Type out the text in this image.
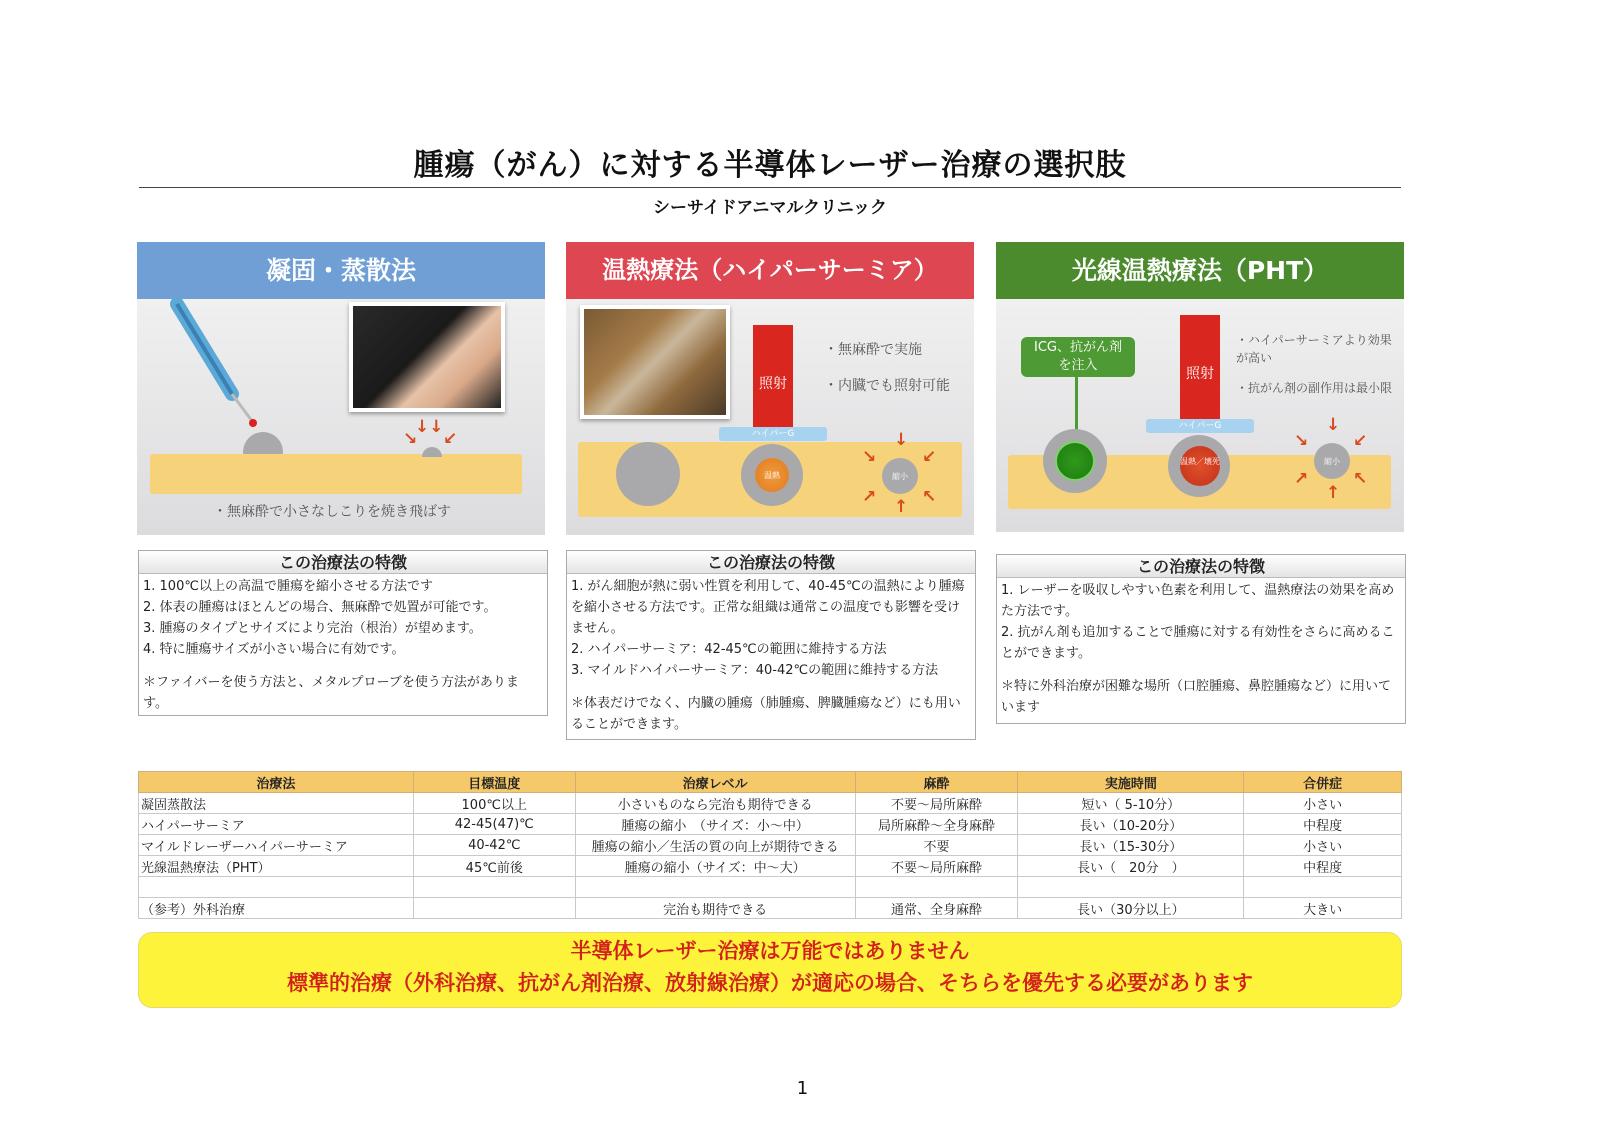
腫瘍（がん）に対する半導体レーザー治療の選択肢
シーサイドアニマルクリニック
凝固・蒸散法
↓↓
↘ ↙
・無麻酔で小さなしこりを焼き飛ばす
温熱療法（ハイパーサーミア）
照射
ハイパーG
温熱	縮小
↓
↑
↘	↙
↗	↖
・無麻酔で実施
・内臓でも照射可能
光線温熱療法（PHT）
ICG、抗がん剤を注入
照射
ハイパーG
温熱／壊死	縮小
↓
↑
↘	↙
↗	↖
・ハイパーサーミアより効果が高い
・抗がん剤の副作用は最小限
この治療法の特徴

1. 100℃以上の高温で腫瘍を縮小させる方法です

2. 体表の腫瘍はほとんどの場合、無麻酔で処置が可能です。

3. 腫瘍のタイプとサイズにより完治（根治）が望めます。

4. 特に腫瘍サイズが小さい場合に有効です。

＊ファイバーを使う方法と、メタルプローブを使う方法があります。

この治療法の特徴

1. がん細胞が熱に弱い性質を利用して、40-45℃の温熱により腫瘍を縮小させる方法です。正常な組織は通常この温度でも影響を受けません。

2. ハイパーサーミア：42-45℃の範囲に維持する方法

3. マイルドハイパーサーミア：40-42℃の範囲に維持する方法

＊体表だけでなく、内臓の腫瘍（肺腫瘍、脾臓腫瘍など）にも用いることができます。

この治療法の特徴

1. レーザーを吸収しやすい色素を利用して、温熱療法の効果を高めた方法です。

2. 抗がん剤も追加することで腫瘍に対する有効性をさらに高めることができます。

＊特に外科治療が困難な場所（口腔腫瘍、鼻腔腫瘍など）に用いています

治療法	目標温度	治療レベル	麻酔	実施時間	合併症
凝固蒸散法	100℃以上	小さいものなら完治も期待できる	不要〜局所麻酔	短い（ 5-10分）	小さい
ハイパーサーミア	42-45(47)℃	腫瘍の縮小　（サイズ：小〜中）	局所麻酔〜全身麻酔	長い（10-20分）	中程度
マイルドレーザーハイパーサーミア	40-42℃	腫瘍の縮小／生活の質の向上が期待できる	不要	長い（15-30分）	小さい
光線温熱療法（PHT）	45℃前後	腫瘍の縮小（サイズ：中〜大）	不要〜局所麻酔	長い（　20分　）	中程度

（参考）外科治療		完治も期待できる	通常、全身麻酔	長い（30分以上）	大きい
半導体レーザー治療は万能ではありません
標準的治療（外科治療、抗がん剤治療、放射線治療）が適応の場合、そちらを優先する必要があります
1
